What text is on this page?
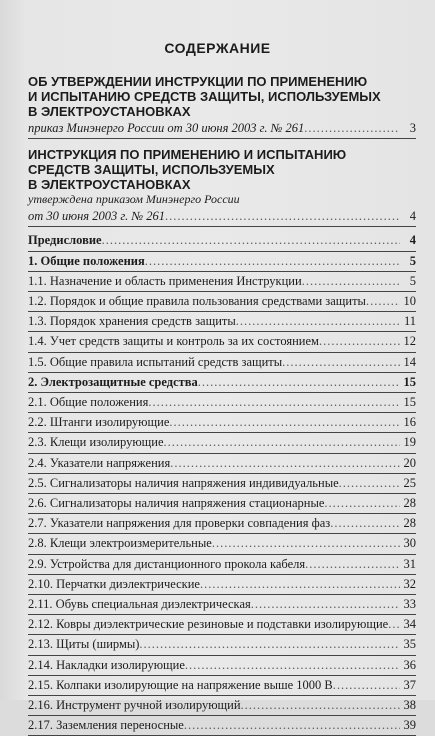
СОДЕРЖАНИЕ
ОБ УТВЕРЖДЕНИИ ИНСТРУКЦИИ ПО ПРИМЕНЕНИЮ
И ИСПЫТАНИЮ СРЕДСТВ ЗАЩИТЫ, ИСПОЛЬЗУЕМЫХ
В ЭЛЕКТРОУСТАНОВКАХ
приказ Минэнерго России от 30 июня 2003 г. № 261 .....	3
ИНСТРУКЦИЯ ПО ПРИМЕНЕНИЮ И ИСПЫТАНИЮ
СРЕДСТВ ЗАЩИТЫ, ИСПОЛЬЗУЕМЫХ
В ЭЛЕКТРОУСТАНОВКАХ
утверждена приказом Минэнерго России
от 30 июня 2003 г. № 261 .....	4
Предисловие .....	4
1. Общие положения .....	5
1.1. Назначение и область применения Инструкции .....	5
1.2. Порядок и общие правила пользования средствами защиты .....	10
1.3. Порядок хранения средств защиты .....	11
1.4. Учет средств защиты и контроль за их состоянием .....	12
1.5. Общие правила испытаний средств защиты .....	14
2. Электрозащитные средства .....	15
2.1. Общие положения .....	15
2.2. Штанги изолирующие .....	16
2.3. Клещи изолирующие .....	19
2.4. Указатели напряжения .....	20
2.5. Сигнализаторы наличия напряжения индивидуальные .....	25
2.6. Сигнализаторы наличия напряжения стационарные .....	28
2.7. Указатели напряжения для проверки совпадения фаз .....	28
2.8. Клещи электроизмерительные .....	30
2.9. Устройства для дистанционного прокола кабеля .....	31
2.10. Перчатки диэлектрические .....	32
2.11. Обувь специальная диэлектрическая .....	33
2.12. Ковры диэлектрические резиновые и подставки изолирующие ..... 34
2.13. Щиты (ширмы) .....	35
2.14. Накладки изолирующие .....	36
2.15. Колпаки изолирующие на напряжение выше 1000 В .....	37
2.16. Инструмент ручной изолирующий .....	38
2.17. Заземления переносные .....	39
